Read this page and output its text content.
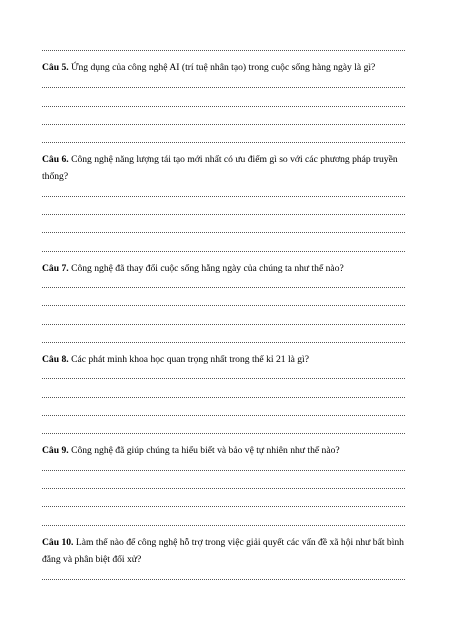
Câu 5. Ứng dụng của công nghệ AI (trí tuệ nhân tạo) trong cuộc sống hàng ngày là gì?
Câu 6. Công nghệ năng lượng tái tạo mới nhất có ưu điểm gì so với các phương pháp truyền thống?
Câu 7. Công nghệ đã thay đổi cuộc sống hằng ngày của chúng ta như thế nào?
Câu 8. Các phát minh khoa học quan trọng nhất trong thế kỉ 21 là gì?
Câu 9. Công nghệ đã giúp chúng ta hiểu biết và bảo vệ tự nhiên như thế nào?
Câu 10. Làm thế nào để công nghệ hỗ trợ trong việc giải quyết các vấn đề xã hội như bất bình đẳng và phân biệt đối xử?
